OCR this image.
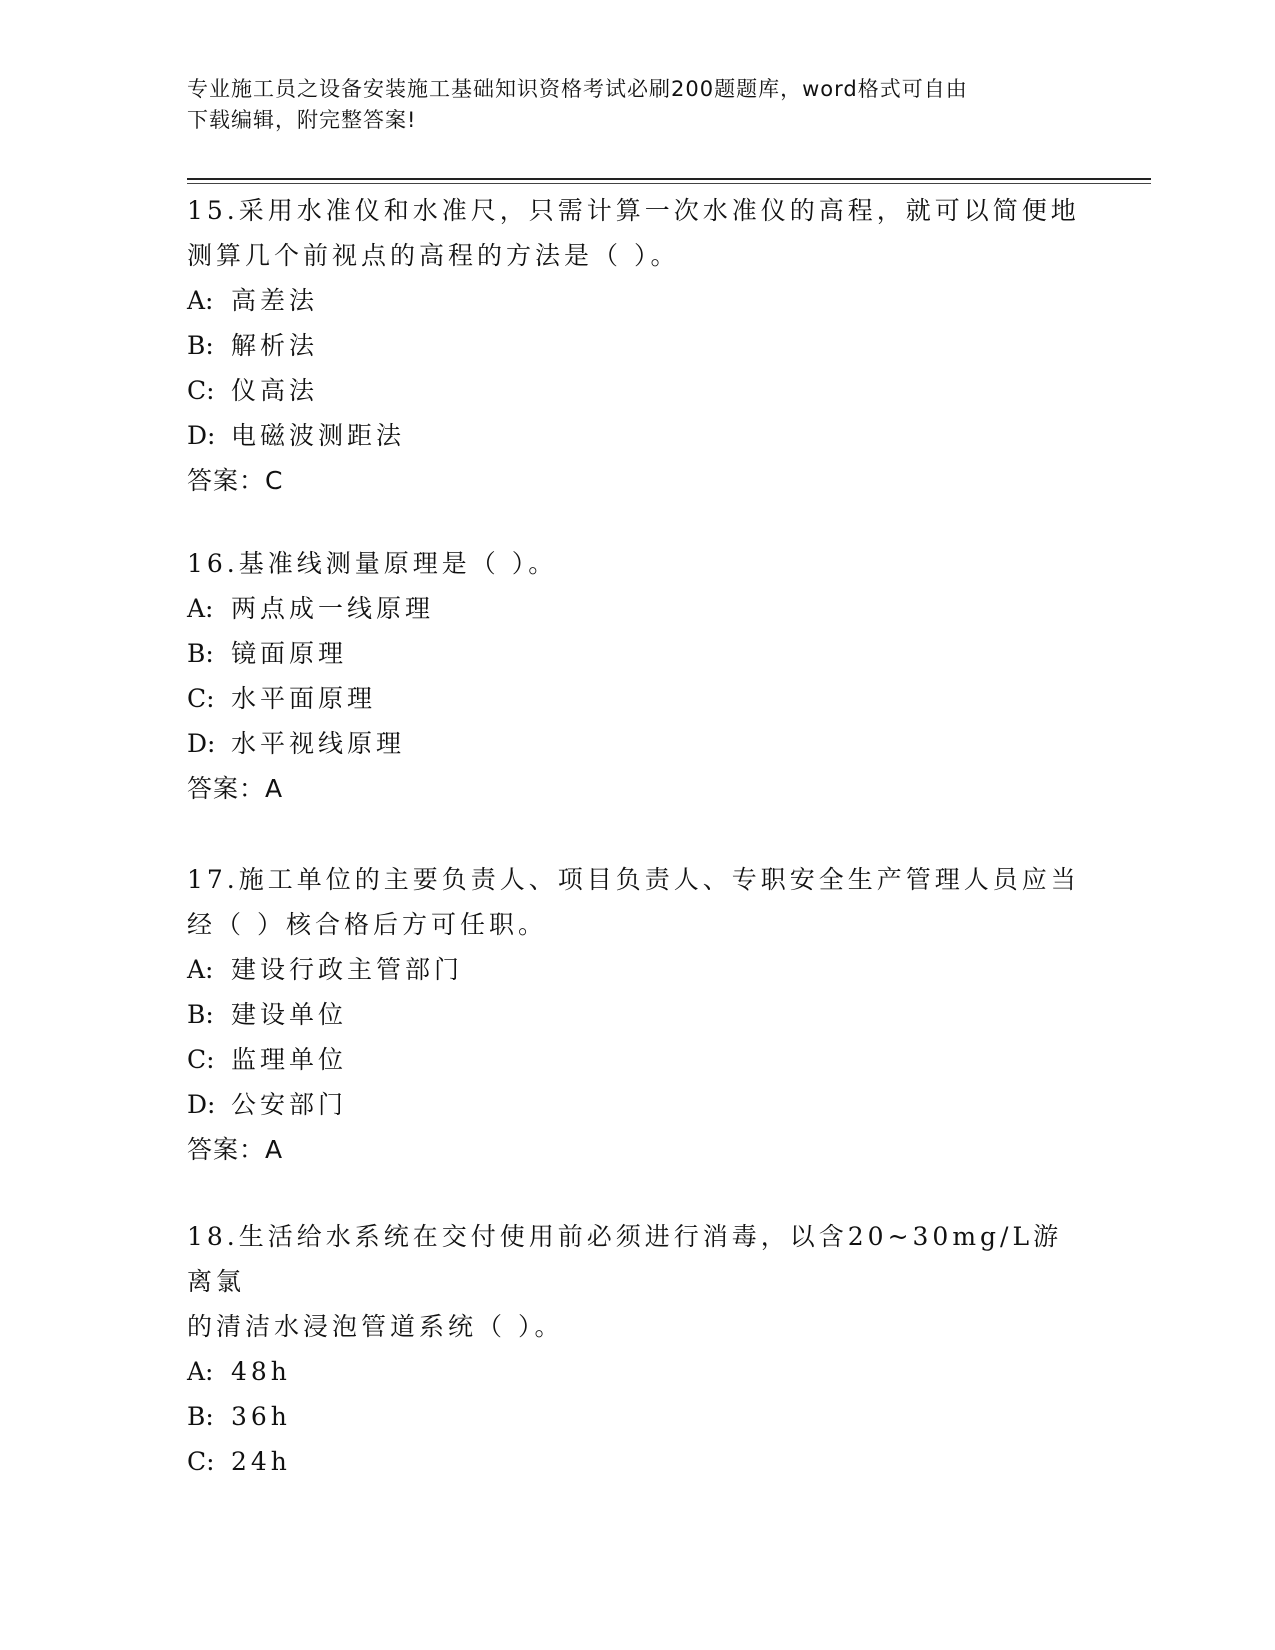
专业施工员之设备安装施工基础知识资格考试必刷200题题库，word格式可自由
下载编辑，附完整答案!
15.采用水准仪和水准尺，只需计算一次水准仪的高程，就可以简便地
测算几个前视点的高程的方法是（ ）。
A: 高差法
B: 解析法
C: 仪高法
D: 电磁波测距法
答案：C
16.基准线测量原理是（ ）。
A: 两点成一线原理
B: 镜面原理
C: 水平面原理
D: 水平视线原理
答案：A
17.施工单位的主要负责人、项目负责人、专职安全生产管理人员应当
经（ ）核合格后方可任职。
A: 建设行政主管部门
B: 建设单位
C: 监理单位
D: 公安部门
答案：A
18.生活给水系统在交付使用前必须进行消毒，以含20~30mg/L游离氯
的清洁水浸泡管道系统（ ）。
A: 48h
B: 36h
C: 24h
